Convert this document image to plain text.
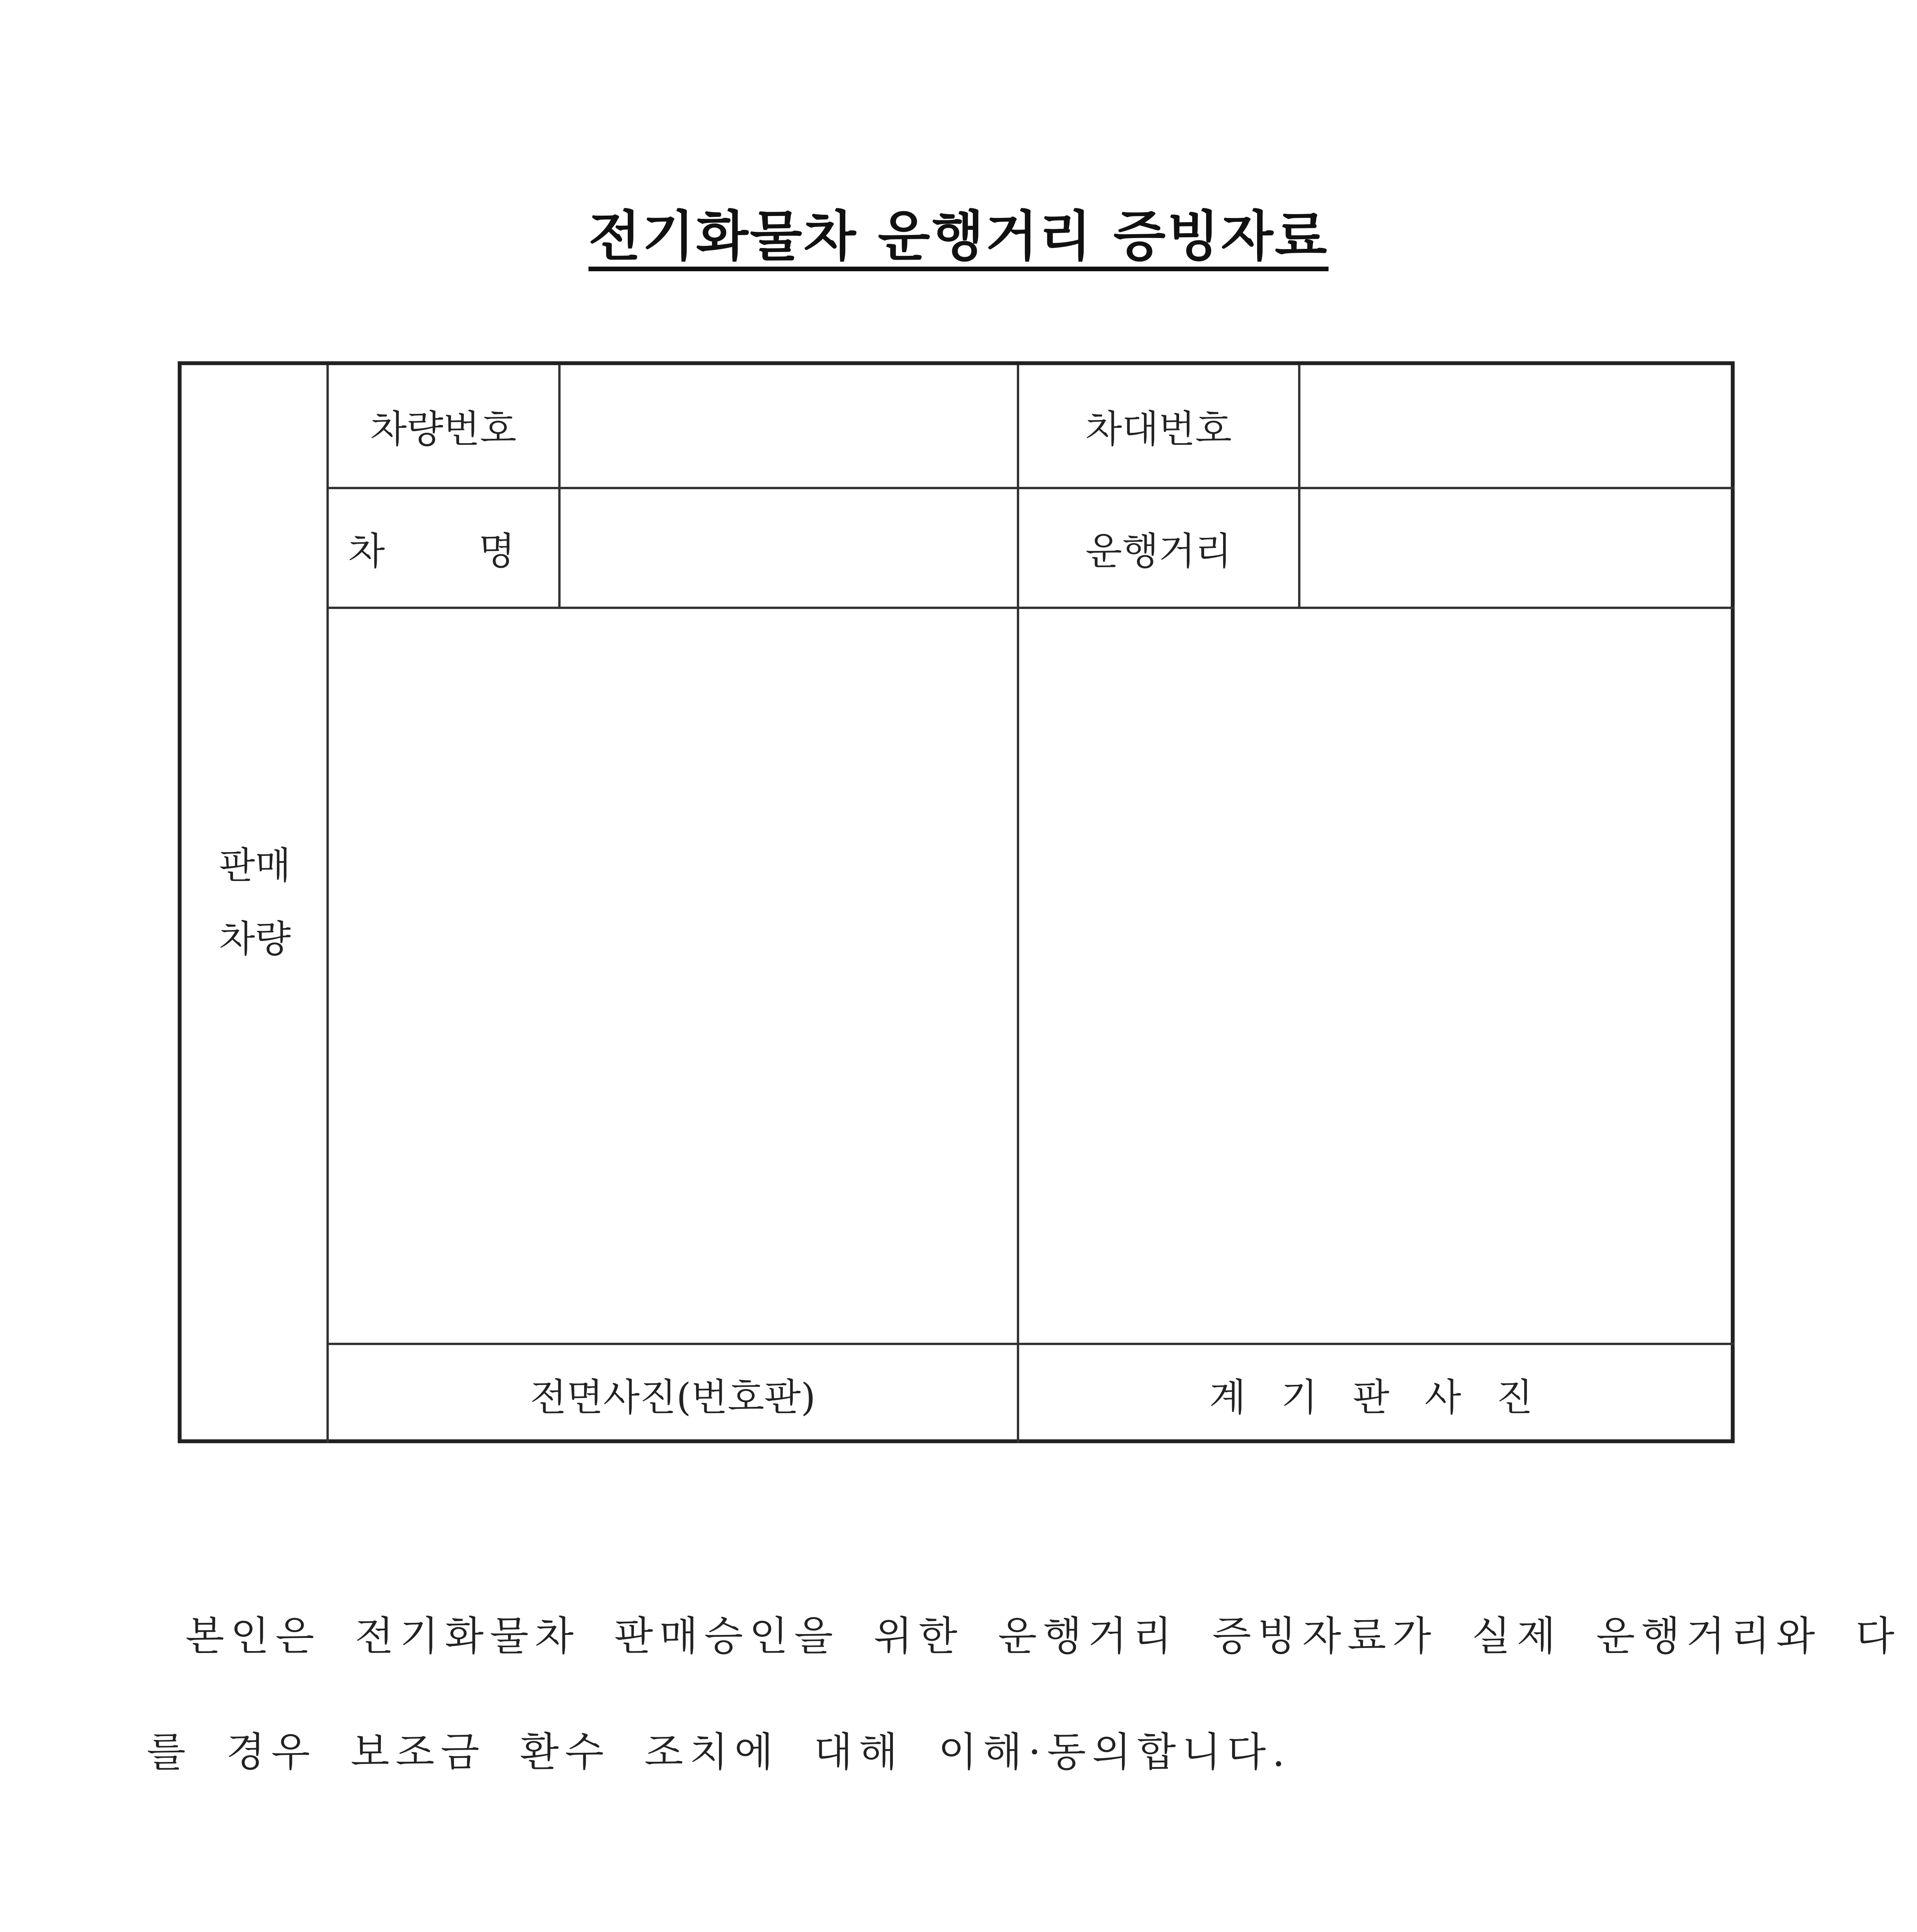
전기화물차 운행거리 증빙자료
판매
차량
차량번호	차대번호
차  명	운행거리
전면사진(번호판)	계 기 판 사 진
본인은 전기화물차 판매승인을 위한 운행거리 증빙자료가 실제 운행거리와 다
를 경우 보조금 환수 조치에 대해 이해·동의합니다.
